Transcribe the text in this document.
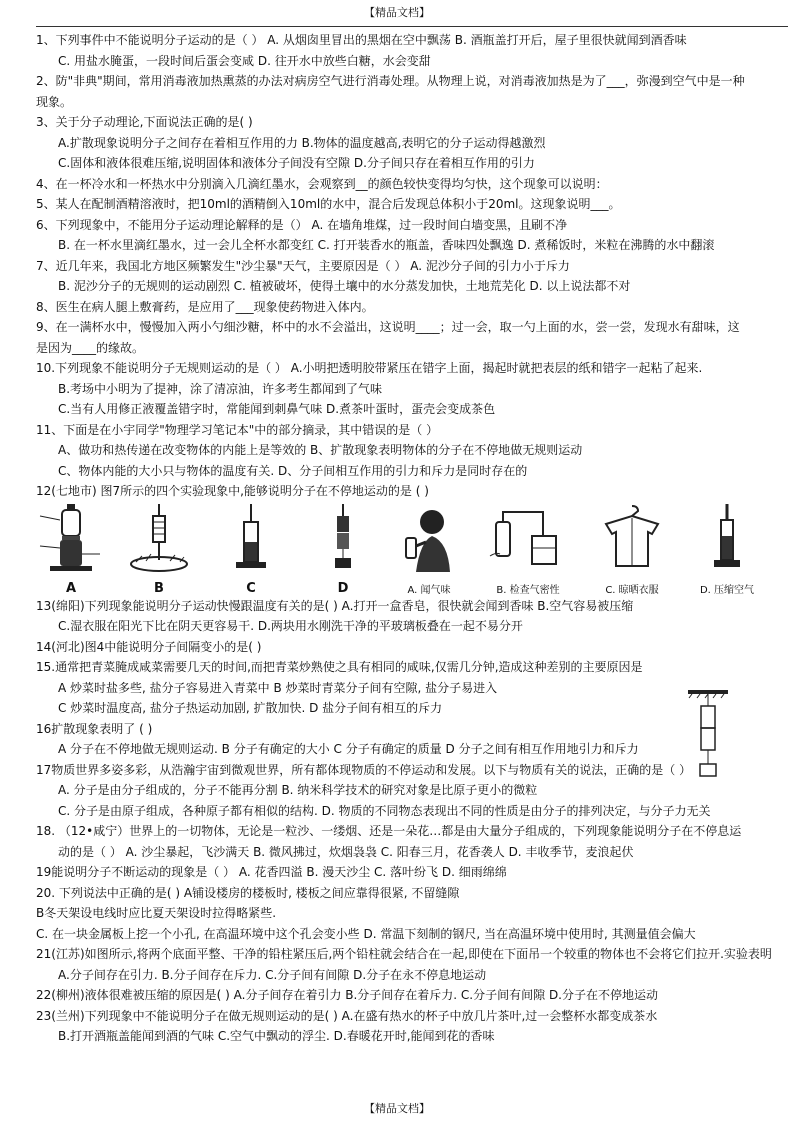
【精品文档】
1、下列事件中不能说明分子运动的是（ ） A. 从烟囱里冒出的黑烟在空中飘荡 B. 酒瓶盖打开后，屋子里很快就闻到酒香味
C. 用盐水腌蛋，一段时间后蛋会变咸 D. 往开水中放些白糖，水会变甜
2、防"非典"期间，常用消毒液加热熏蒸的办法对病房空气进行消毒处理。从物理上说，对消毒液加热是为了___，弥漫到空气中是一种
现象。
3、关于分子动理论,下面说法正确的是( )
A.扩散现象说明分子之间存在着相互作用的力 B.物体的温度越高,表明它的分子运动得越激烈
C.固体和液体很难压缩,说明固体和液体分子间没有空隙 D.分子间只存在着相互作用的引力
4、在一杯冷水和一杯热水中分别滴入几滴红墨水，会观察到__的颜色较快变得均匀快，这个现象可以说明：
5、某人在配制酒精溶液时，把10ml的酒精倒入10ml的水中，混合后发现总体积小于20ml。这现象说明___。
6、下列现象中，不能用分子运动理论解释的是（） A. 在墙角堆煤，过一段时间白墙变黑，且刷不净
B. 在一杯水里滴红墨水，过一会儿全杯水都变红 C. 打开装香水的瓶盖，香味四处飘逸 D. 煮稀饭时，米粒在沸腾的水中翻滚
7、近几年来，我国北方地区频繁发生"沙尘暴"天气，主要原因是（ ） A. 泥沙分子间的引力小于斥力
B. 泥沙分子的无规则的运动剧烈 C. 植被破坏，使得土壤中的水分蒸发加快，土地荒芜化 D. 以上说法都不对
8、医生在病人腿上敷膏药，是应用了___现象使药物进入体内。
9、在一满杯水中，慢慢加入两小勺细沙糖，杯中的水不会溢出，这说明____；过一会，取一勺上面的水，尝一尝，发现水有甜味，这
是因为____的缘故。
10.下列现象不能说明分子无规则运动的是（ ） A.小明把透明胶带紧压在错字上面，揭起时就把表层的纸和错字一起粘了起来.
B.考场中小明为了提神，涂了清凉油，许多考生都闻到了气味
C.当有人用修正液覆盖错字时，常能闻到刺鼻气味 D.煮茶叶蛋时，蛋壳会变成茶色
11、下面是在小宇同学"物理学习笔记本"中的部分摘录，其中错误的是（ ）
A、做功和热传递在改变物体的内能上是等效的 B、扩散现象表明物体的分子在不停地做无规则运动
C、物体内能的大小只与物体的温度有关. D、分子间相互作用的引力和斥力是同时存在的
12(七地市) 图7所示的四个实验现象中,能够说明分子在不停地运动的是 ( )
A	B	C	D	A. 闻气味	B. 检查气密性	C. 晾晒衣服	D. 压缩空气
13(绵阳)下列现象能说明分子运动快慢跟温度有关的是( ) A.打开一盒香皂，很快就会闻到香味 B.空气容易被压缩
C.湿衣服在阳光下比在阴天更容易干. D.两块用水刚洗干净的平玻璃板叠在一起不易分开
14(河北)图4中能说明分子间隔变小的是( )
15.通常把青菜腌成咸菜需要几天的时间,而把青菜炒熟使之具有相同的咸味,仅需几分钟,造成这种差别的主要原因是
A 炒菜时盐多些, 盐分子容易进入青菜中 B 炒菜时青菜分子间有空隙, 盐分子易进入
C 炒菜时温度高, 盐分子热运动加剧, 扩散加快. D 盐分子间有相互的斥力
16扩散现象表明了 ( )
A 分子在不停地做无规则运动. B 分子有确定的大小 C 分子有确定的质量 D 分子之间有相互作用地引力和斥力
17物质世界多姿多彩，从浩瀚宇宙到微观世界，所有都体现物质的不停运动和发展。以下与物质有关的说法，正确的是（ ）
A. 分子是由分子组成的，分子不能再分割 B. 纳米科学技术的研究对象是比原子更小的微粒
C. 分子是由原子组成，各种原子都有相似的结构. D. 物质的不同物态表现出不同的性质是由分子的排列决定，与分子力无关
18. （12•咸宁）世界上的一切物体，无论是一粒沙、一缕烟、还是一朵花…都是由大量分子组成的，下列现象能说明分子在不停息运
动的是（ ） A. 沙尘暴起，飞沙满天 B. 微风拂过，炊烟袅袅 C. 阳春三月，花香袭人 D. 丰收季节，麦浪起伏
19能说明分子不断运动的现象是（ ） A. 花香四溢 B. 漫天沙尘 C. 落叶纷飞 D. 细雨绵绵
20. 下列说法中正确的是( ) A铺设楼房的楼板时, 楼板之间应靠得很紧, 不留缝隙
B冬天架设电线时应比夏天架设时拉得略紧些.
C. 在一块金属板上挖一个小孔, 在高温环境中这个孔会变小些 D. 常温下刻制的钢尺, 当在高温环境中使用时, 其测量值会偏大
21(江苏)如图所示,将两个底面平整、干净的铅柱紧压后,两个铅柱就会结合在一起,即使在下面吊一个较重的物体也不会将它们拉开.实验表明
A.分子间存在引力. B.分子间存在斥力. C.分子间有间隙 D.分子在永不停息地运动
22(柳州)液体很难被压缩的原因是( ) A.分子间存在着引力 B.分子间存在着斥力. C.分子间有间隙 D.分子在不停地运动
23(兰州)下列现象中不能说明分子在做无规则运动的是( ) A.在盛有热水的杯子中放几片茶叶,过一会整杯水都变成茶水
B.打开酒瓶盖能闻到酒的气味 C.空气中飘动的浮尘. D.春暖花开时,能闻到花的香味
【精品文档】
